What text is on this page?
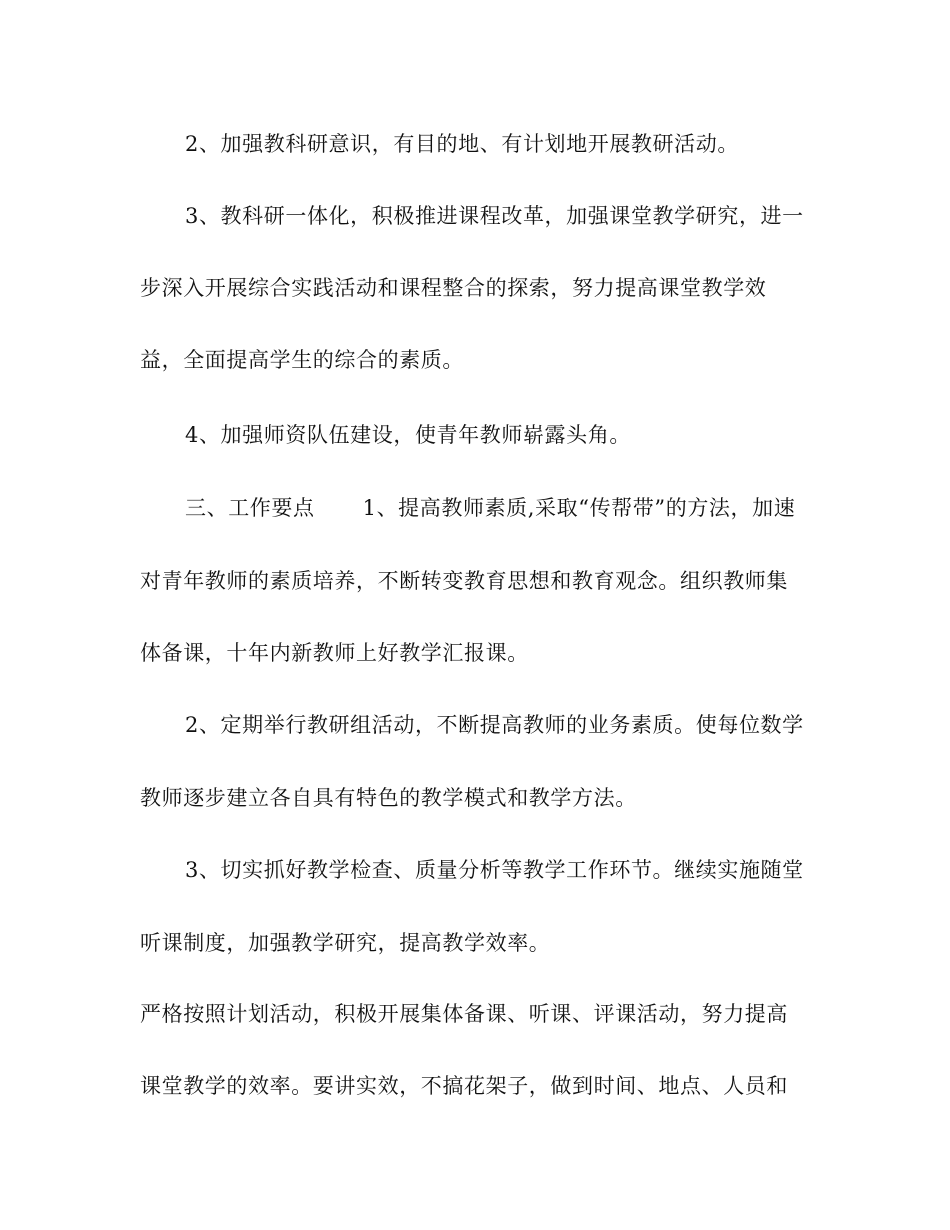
2、加强教科研意识，有目的地、有计划地开展教研活动。
3、教科研一体化，积极推进课程改革，加强课堂教学研究，进一
步深入开展综合实践活动和课程整合的探索，努力提高课堂教学效
益，全面提高学生的综合的素质。
4、加强师资队伍建设，使青年教师崭露头角。
三、工作要点 1、提高教师素质,采取“传帮带”的方法，加速
对青年教师的素质培养，不断转变教育思想和教育观念。组织教师集
体备课，十年内新教师上好教学汇报课。
2、定期举行教研组活动，不断提高教师的业务素质。使每位数学
教师逐步建立各自具有特色的教学模式和教学方法。
3、切实抓好教学检查、质量分析等教学工作环节。继续实施随堂
听课制度，加强教学研究，提高教学效率。
严格按照计划活动，积极开展集体备课、听课、评课活动，努力提高
课堂教学的效率。要讲实效，不搞花架子，做到时间、地点、人员和
